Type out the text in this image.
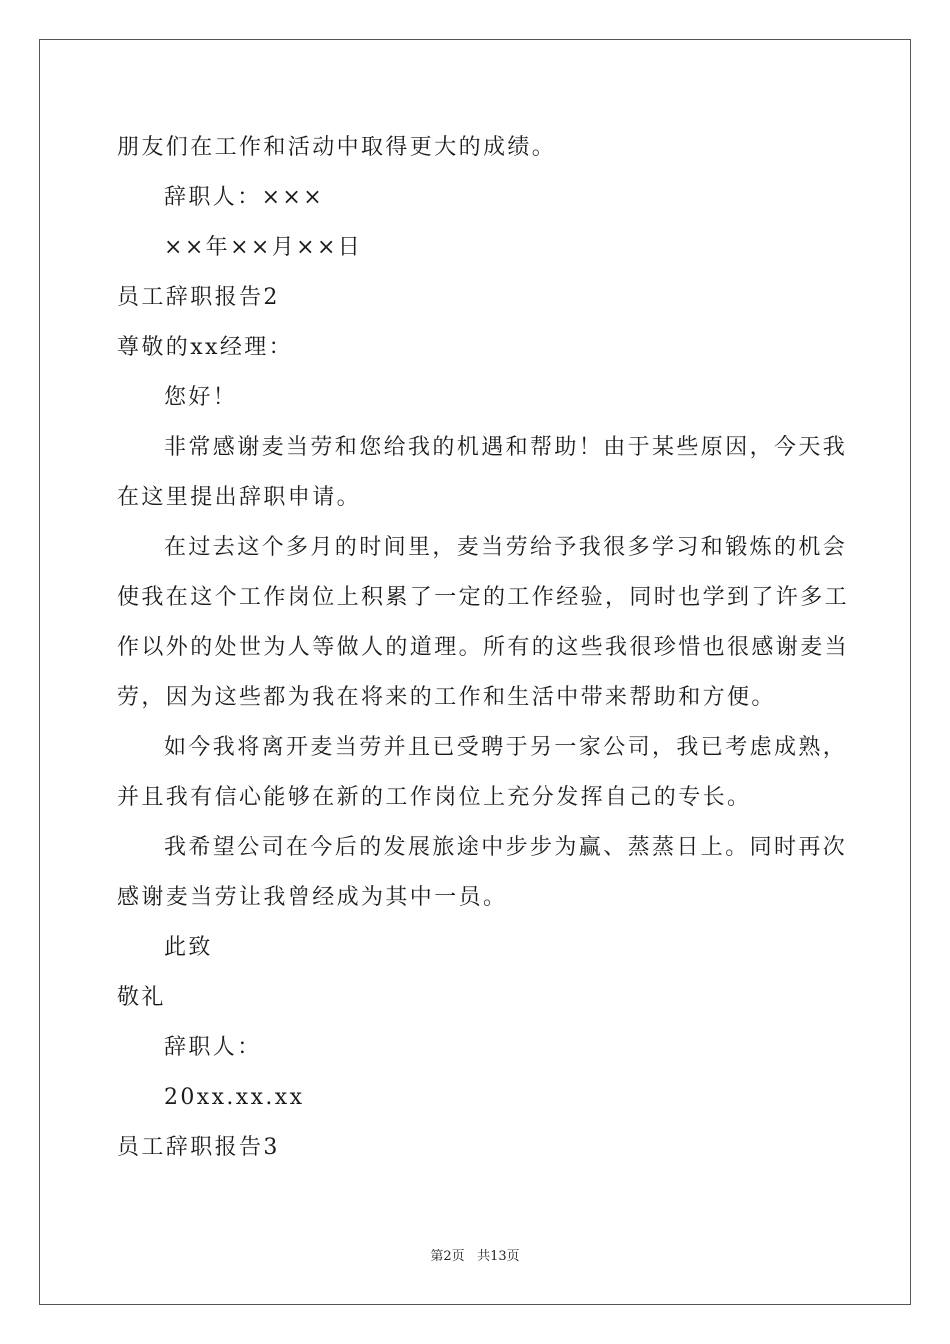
朋友们在工作和活动中取得更大的成绩。
辞职人：×××
××年××月××日
员工辞职报告2
尊敬的xx经理：
您好！
非常感谢麦当劳和您给我的机遇和帮助！由于某些原因，今天我
在这里提出辞职申请。
在过去这个多月的时间里，麦当劳给予我很多学习和锻炼的机会
使我在这个工作岗位上积累了一定的工作经验，同时也学到了许多工
作以外的处世为人等做人的道理。所有的这些我很珍惜也很感谢麦当
劳，因为这些都为我在将来的工作和生活中带来帮助和方便。
如今我将离开麦当劳并且已受聘于另一家公司，我已考虑成熟，
并且我有信心能够在新的工作岗位上充分发挥自己的专长。
我希望公司在今后的发展旅途中步步为赢、蒸蒸日上。同时再次
感谢麦当劳让我曾经成为其中一员。
此致
敬礼
辞职人：
20xx.xx.xx
员工辞职报告3
第2页 共13页
